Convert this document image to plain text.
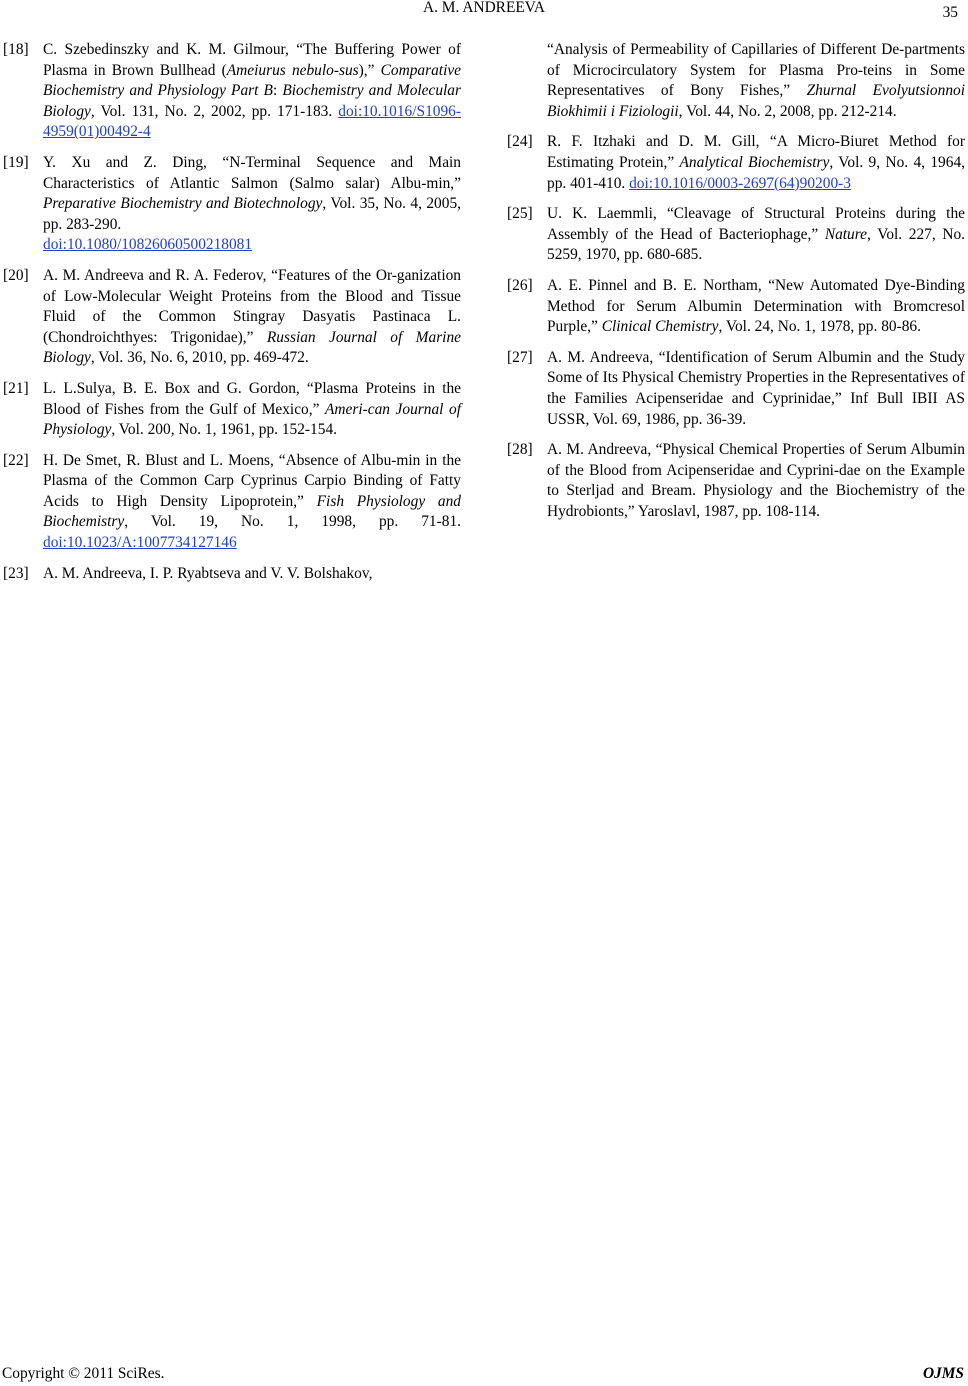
A. M. ANDREEVA	35
[18] C. Szebedinszky and K. M. Gilmour, “The Buffering Power of Plasma in Brown Bullhead (Ameiurus nebulo-sus),” Comparative Biochemistry and Physiology Part B: Biochemistry and Molecular Biology, Vol. 131, No. 2, 2002, pp. 171-183. doi:10.1016/S1096-4959(01)00492-4
[19] Y. Xu and Z. Ding, “N-Terminal Sequence and Main Characteristics of Atlantic Salmon (Salmo salar) Albu-min,” Preparative Biochemistry and Biotechnology, Vol. 35, No. 4, 2005, pp. 283-290.
doi:10.1080/10826060500218081
[20] A. M. Andreeva and R. A. Federov, “Features of the Or-ganization of Low-Molecular Weight Proteins from the Blood and Tissue Fluid of the Common Stingray Dasyatis Pastinaca L. (Chondroichthyes: Trigonidae),” Russian Journal of Marine Biology, Vol. 36, No. 6, 2010, pp. 469-472.
[21] L. L.Sulya, B. E. Box and G. Gordon, “Plasma Proteins in the Blood of Fishes from the Gulf of Mexico,” Ameri-can Journal of Physiology, Vol. 200, No. 1, 1961, pp. 152-154.
[22] H. De Smet, R. Blust and L. Moens, “Absence of Albu-min in the Plasma of the Common Carp Cyprinus Carpio Binding of Fatty Acids to High Density Lipoprotein,” Fish Physiology and Biochemistry, Vol. 19, No. 1, 1998, pp. 71-81. doi:10.1023/A:1007734127146
[23] A. M. Andreeva, I. P. Ryabtseva and V. V. Bolshakov,
“Analysis of Permeability of Capillaries of Different De-partments of Microcirculatory System for Plasma Pro-teins in Some Representatives of Bony Fishes,” Zhurnal Evolyutsionnoi Biokhimii i Fiziologii, Vol. 44, No. 2, 2008, pp. 212-214.
[24] R. F. Itzhaki and D. M. Gill, “A Micro-Biuret Method for Estimating Protein,” Analytical Biochemistry, Vol. 9, No. 4, 1964, pp. 401-410. doi:10.1016/0003-2697(64)90200-3
[25] U. K. Laemmli, “Cleavage of Structural Proteins during the Assembly of the Head of Bacteriophage,” Nature, Vol. 227, No. 5259, 1970, pp. 680-685.
[26] A. E. Pinnel and B. E. Northam, “New Automated Dye-Binding Method for Serum Albumin Determination with Bromcresol Purple,” Clinical Chemistry, Vol. 24, No. 1, 1978, pp. 80-86.
[27] A. M. Andreeva, “Identification of Serum Albumin and the Study Some of Its Physical Chemistry Properties in the Representatives of the Families Acipenseridae and Cyprinidae,” Inf Bull IBII AS USSR, Vol. 69, 1986, pp. 36-39.
[28] A. M. Andreeva, “Physical Chemical Properties of Serum Albumin of the Blood from Acipenseridae and Cyprini-dae on the Example to Sterljad and Bream. Physiology and the Biochemistry of the Hydrobionts,” Yaroslavl, 1987, pp. 108-114.
Copyright © 2011 SciRes.	OJMS
